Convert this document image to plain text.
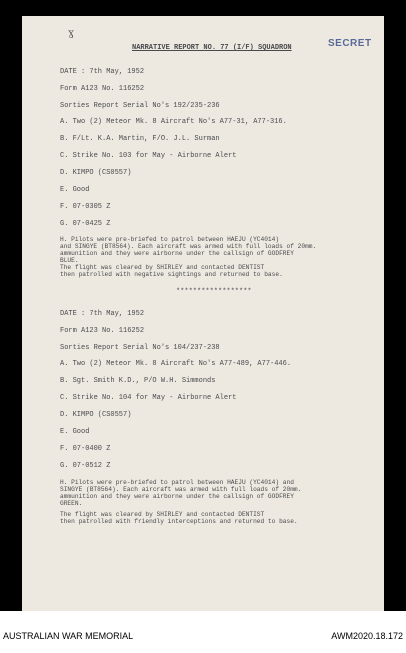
ɣ
NARRATIVE REPORT NO. 77 (I/F) SQUADRON	SECRET
DATE : 7th May, 1952
Form A123 No. 116252
Sorties Report Serial No's 192/235-236
A. Two (2) Meteor Mk. 8 Aircraft No's A77-31, A77-316.
B. F/Lt. K.A. Martin, F/O. J.L. Surman
C. Strike No. 103 for May - Airborne Alert
D. KIMPO (CS0557)
E. Good
F. 07-0305 Z
G. 07-0425 Z
H. Pilots were pre-briefed to patrol between HAEJU (YC4014)
and SINGYE (BT8564). Each aircraft was armed with full loads of 20mm.
ammunition and they were airborne under the callsign of GODFREY
BLUE.
The flight was cleared by SHIRLEY and contacted DENTIST
then patrolled with negative sightings and returned to base.
******************
DATE : 7th May, 1952
Form A123 No. 116252
Sorties Report Serial No's 104/237-238
A. Two (2) Meteor Mk. 8 Aircraft No's A77-489, A77-446.
B. Sgt. Smith K.D., P/O W.H. Simmonds
C. Strike No. 104 for May - Airborne Alert
D. KIMPO (CS0557)
E. Good
F. 07-0400 Z
G. 07-0512 Z
H. Pilots were pre-briefed to patrol between HAEJU (YC4014) and
SINGYE (BT8564). Each aircraft was armed with full loads of 20mm.
ammunition and they were airborne under the callsign of GODFREY
GREEN.
The flight was cleared by SHIRLEY and contacted DENTIST
then patrolled with friendly interceptions and returned to base.
AUSTRALIAN WAR MEMORIAL	AWM2020.18.172
